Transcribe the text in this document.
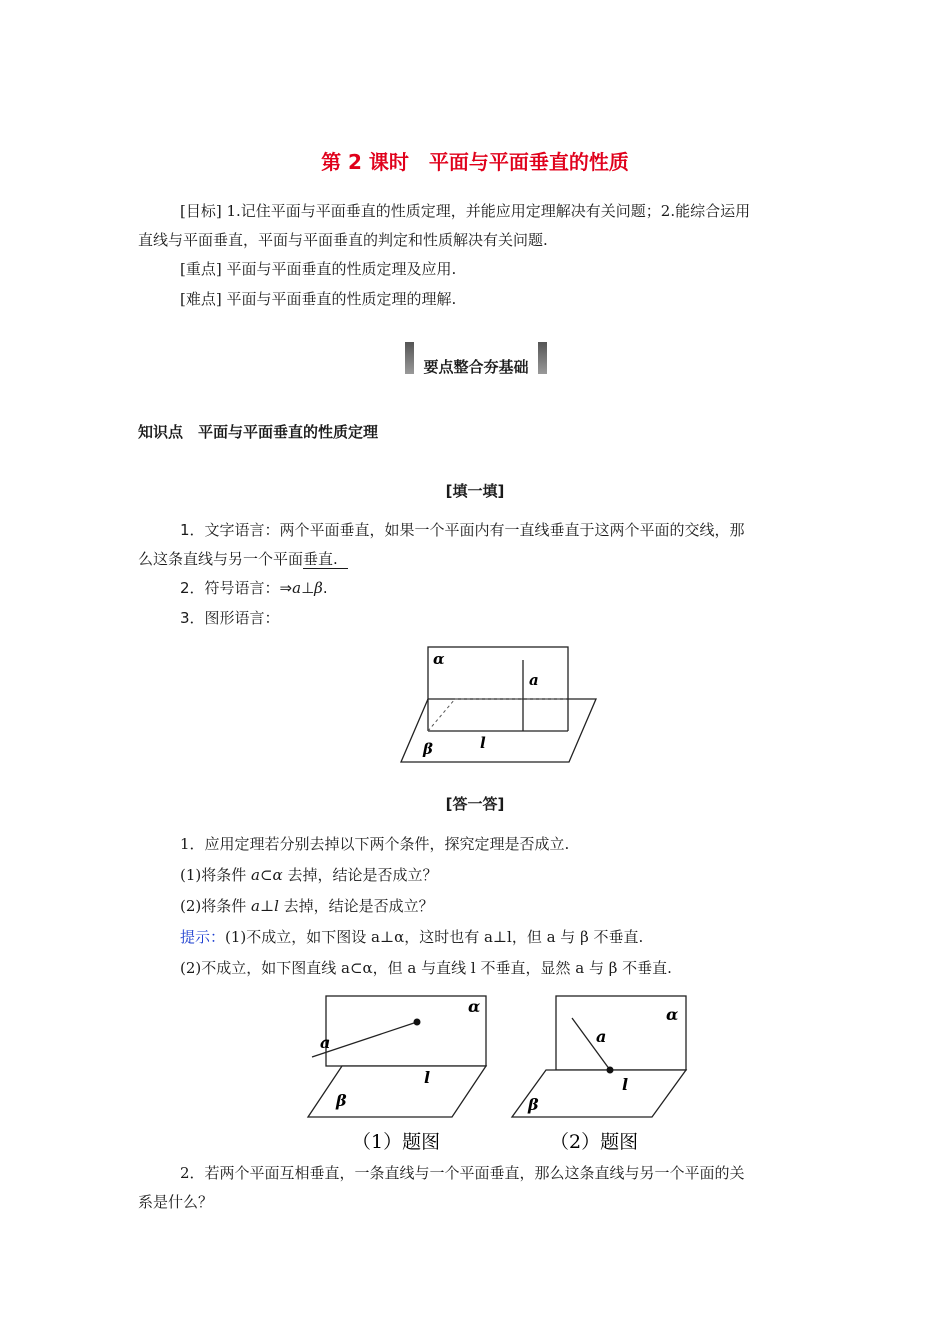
第 2 课时　平面与平面垂直的性质
[目标] 1.记住平面与平面垂直的性质定理，并能应用定理解决有关问题；2.能综合运用
直线与平面垂直，平面与平面垂直的判定和性质解决有关问题.
[重点] 平面与平面垂直的性质定理及应用.
[难点] 平面与平面垂直的性质定理的理解.
要点整合夯基础
知识点　平面与平面垂直的性质定理
[填一填]
1．文字语言：两个平面垂直，如果一个平面内有一直线垂直于这两个平面的交线，那
么这条直线与另一个平面垂直.
2．符号语言：⇒a⊥β.
3．图形语言：
α
a
β	l
[答一答]
1．应用定理若分别去掉以下两个条件，探究定理是否成立.
(1)将条件 a⊂α 去掉，结论是否成立？
(2)将条件 a⊥l 去掉，结论是否成立？
提示：(1)不成立，如下图设 a⊥α，这时也有 a⊥l，但 a 与 β 不垂直.
(2)不成立，如下图直线 a⊂α，但 a 与直线 l 不垂直，显然 a 与 β 不垂直.
α
a
β
l
（1）题图
α
a
β
l
（2）题图
2．若两个平面互相垂直，一条直线与一个平面垂直，那么这条直线与另一个平面的关
系是什么？
